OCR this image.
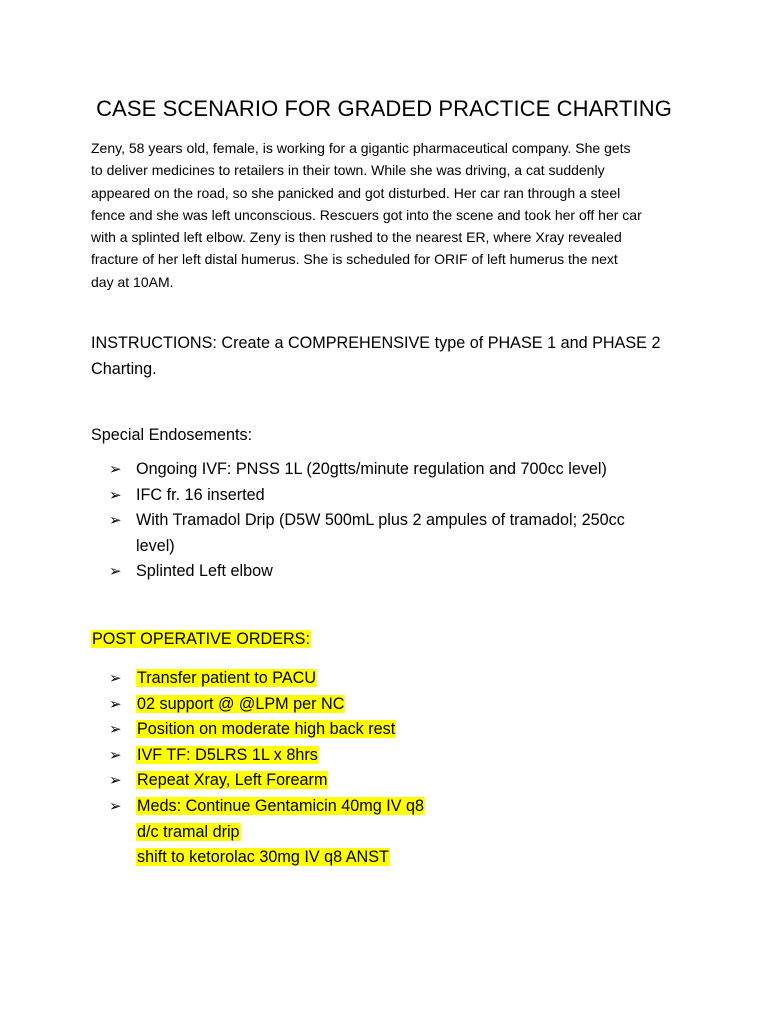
CASE SCENARIO FOR GRADED PRACTICE CHARTING

Zeny, 58 years old, female, is working for a gigantic pharmaceutical company. She gets

to deliver medicines to retailers in their town. While she was driving, a cat suddenly

appeared on the road, so she panicked and got disturbed. Her car ran through a steel

fence and she was left unconscious. Rescuers got into the scene and took her off her car

with a splinted left elbow. Zeny is then rushed to the nearest ER, where Xray revealed

fracture of her left distal humerus. She is scheduled for ORIF of left humerus the next

day at 10AM.

INSTRUCTIONS: Create a COMPREHENSIVE type of PHASE 1 and PHASE 2

Charting.

Special Endosements:
➢ Ongoing IVF: PNSS 1L (20gtts/minute regulation and 700cc level)
➢ IFC fr. 16 inserted
➢ With Tramadol Drip (D5W 500mL plus 2 ampules of tramadol; 250cc
level)
➢ Splinted Left elbow
POST OPERATIVE ORDERS:
➢ Transfer patient to PACU
➢ 02 support @ @LPM per NC
➢ Position on moderate high back rest
➢ IVF TF: D5LRS 1L x 8hrs
➢ Repeat Xray, Left Forearm
➢ Meds: Continue Gentamicin 40mg IV q8
d/c tramal drip
shift to ketorolac 30mg IV q8 ANST
